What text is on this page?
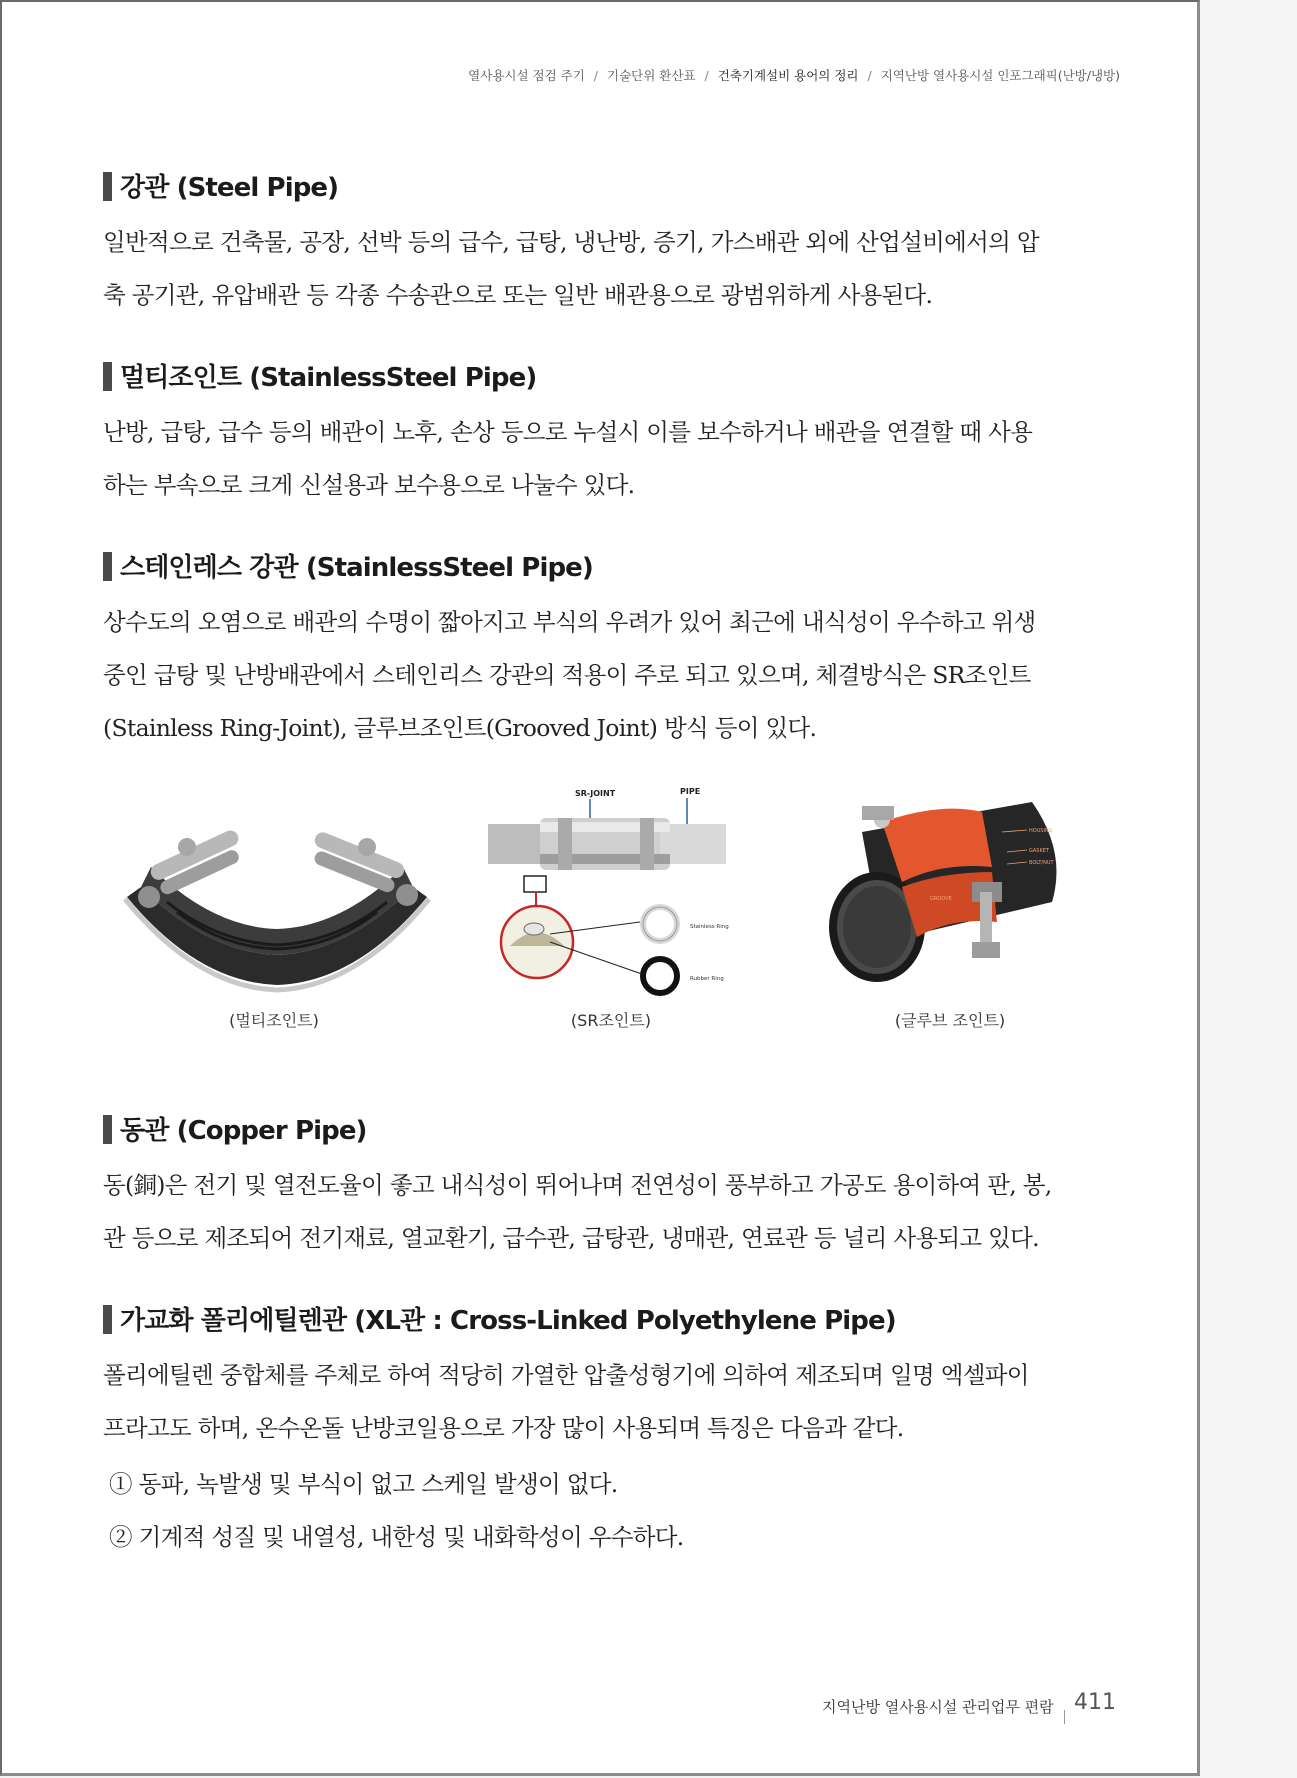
열사용시설 점검 주기 / 기술단위 환산표 / 건축기계설비 용어의 정리 / 지역난방 열사용시설 인포그래픽(난방/냉방)
강관 (Steel Pipe)

일반적으로 건축물, 공장, 선박 등의 급수, 급탕, 냉난방, 증기, 가스배관 외에 산업설비에서의 압
축 공기관, 유압배관 등 각종 수송관으로 또는 일반 배관용으로 광범위하게 사용된다.

멀티조인트 (StainlessSteel Pipe)

난방, 급탕, 급수 등의 배관이 노후, 손상 등으로 누설시 이를 보수하거나 배관을 연결할 때 사용
하는 부속으로 크게 신설용과 보수용으로 나눌수 있다.

스테인레스 강관 (StainlessSteel Pipe)

상수도의 오염으로 배관의 수명이 짧아지고 부식의 우려가 있어 최근에 내식성이 우수하고 위생
중인 급탕 및 난방배관에서 스테인리스 강관의 적용이 주로 되고 있으며, 체결방식은 SR조인트
(Stainless Ring-Joint), 글루브조인트(Grooved Joint) 방식 등이 있다.

SR-JOINT	PIPE
Stainless Ring
Rubber Ring
HOUSING
GASKET
BOLT/NUT
GROOVE
(멀티조인트)	(SR조인트)	(글루브 조인트)
동관 (Copper Pipe)

동(銅)은 전기 및 열전도율이 좋고 내식성이 뛰어나며 전연성이 풍부하고 가공도 용이하여 판, 봉,
관 등으로 제조되어 전기재료, 열교환기, 급수관, 급탕관, 냉매관, 연료관 등 널리 사용되고 있다.

가교화 폴리에틸렌관 (XL관 : Cross-Linked Polyethylene Pipe)

폴리에틸렌 중합체를 주체로 하여 적당히 가열한 압출성형기에 의하여 제조되며 일명 엑셀파이
프라고도 하며, 온수온돌 난방코일용으로 가장 많이 사용되며 특징은 다음과 같다.

① 동파, 녹발생 및 부식이 없고 스케일 발생이 없다.

② 기계적 성질 및 내열성, 내한성 및 내화학성이 우수하다.

지역난방 열사용시설 관리업무 편람 411
